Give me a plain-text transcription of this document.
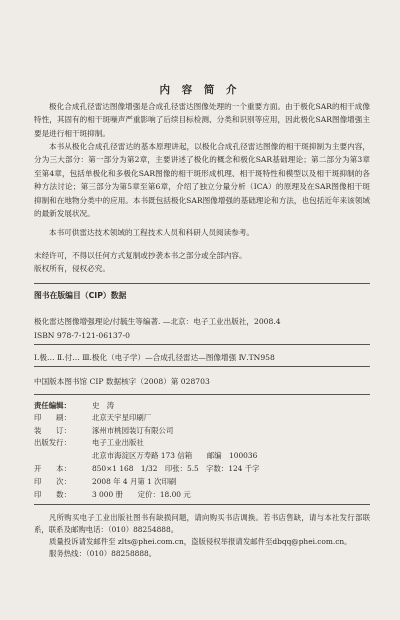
内 容 简 介
极化合成孔径雷达图像增强是合成孔径雷达图像处理的一个重要方面。由于极化SAR的相干成像特性，其固有的相干斑噪声严重影响了后续目标检测、分类和识别等应用，因此极化SAR图像增强主要是进行相干斑抑制。
本书从极化合成孔径雷达的基本原理讲起，以极化合成孔径雷达图像的相干斑抑制为主要内容，分为三大部分：第一部分为第2章，主要讲述了极化的概念和极化SAR基础理论；第二部分为第3章至第4章，包括单极化和多极化SAR图像的相干斑形成机理、相干斑特性和模型以及相干斑抑制的各种方法讨论；第三部分为第5章至第6章，介绍了独立分量分析（ICA）的原理及在SAR图像相干斑抑制和在地物分类中的应用。本书既包括极化SAR图像增强的基础理论和方法，也包括近年来该领域的最新发展状况。
本书可供雷达技术领域的工程技术人员和科研人员阅读参考。
未经许可，不得以任何方式复制或抄袭本书之部分或全部内容。
版权所有，侵权必究。
图书在版编目（CIP）数据
极化雷达图像增强理论/付毓生等编著. —北京：电子工业出版社，2008.4
ISBN 978-7-121-06137-0
Ⅰ.极… Ⅱ.付… Ⅲ.极化（电子学）—合成孔径雷达—图像增强 Ⅳ.TN958
中国版本图书馆 CIP 数据核字（2008）第 028703
责任编辑：	史　涛
印　　刷：	北京天宇星印刷厂
装　　订：	涿州市桃园装订有限公司
出版发行：	电子工业出版社
北京市海淀区万寿路 173 信箱　　邮编　100036
开　　本：	850×1 168　1/32　印张：5.5　字数：124 千字
印　　次：	2008 年 4 月第 1 次印刷
印　　数：	3 000 册　　定价：18.00 元
凡所购买电子工业出版社图书有缺损问题，请向购买书店调换。若书店售缺，请与本社发行部联系，联系及邮购电话：（010）88254888。
质量投诉请发邮件至 zlts@phei.com.cn，盗版侵权举报请发邮件至dbqq@phei.com.cn。
服务热线：（010）88258888。
